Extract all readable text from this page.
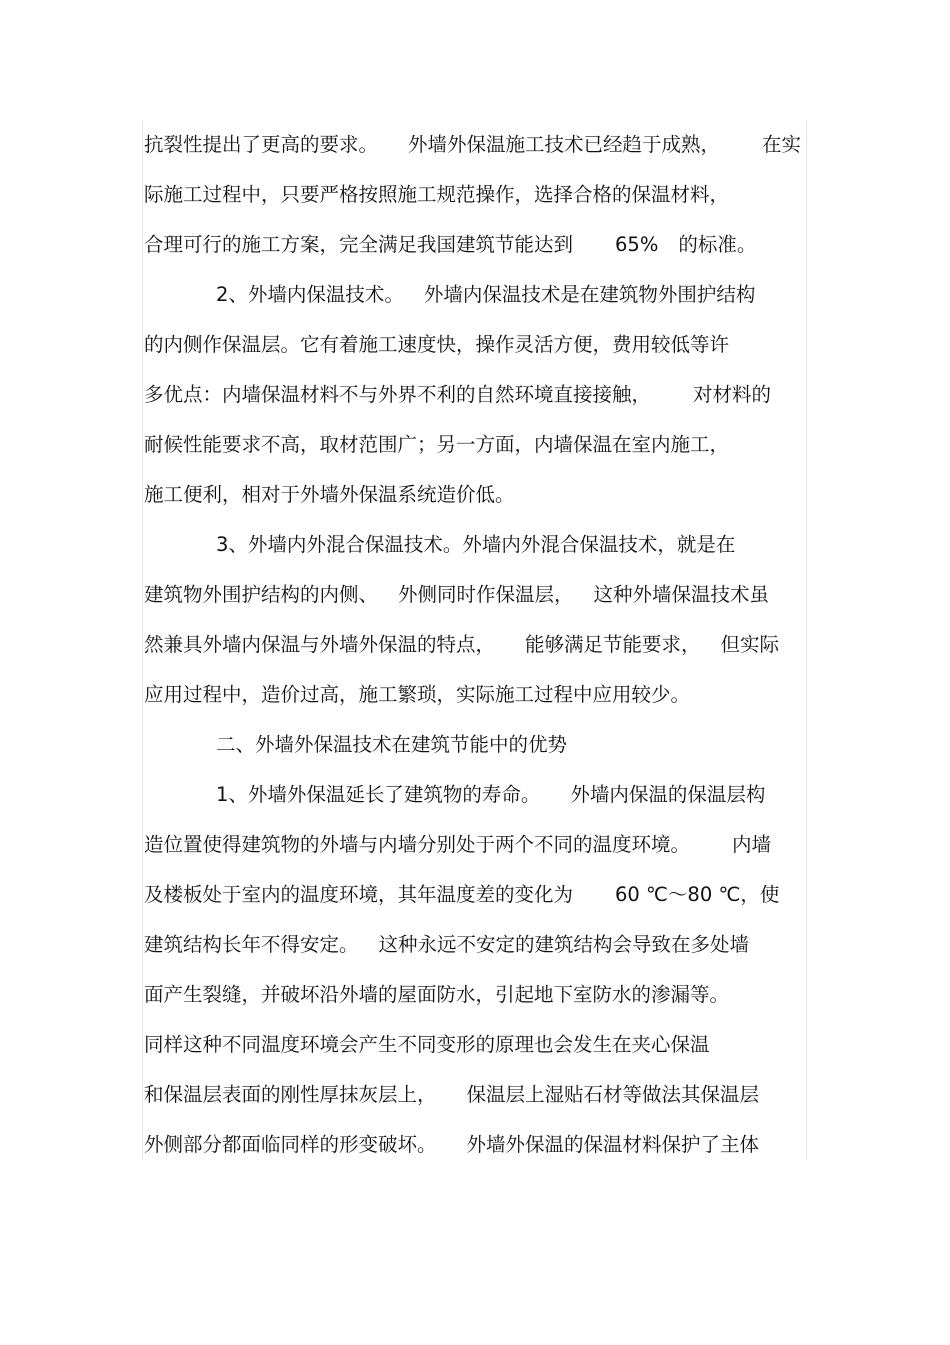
抗裂性提出了更高的要求。 外墙外保温施工技术已经趋于成熟， 在实
际施工过程中，只要严格按照施工规范操作，选择合格的保温材料，
合理可行的施工方案，完全满足我国建筑节能达到 65% 的标准。
2、外墙内保温技术。 外墙内保温技术是在建筑物外围护结构
的内侧作保温层。它有着施工速度快，操作灵活方便，费用较低等许
多优点：内墙保温材料不与外界不利的自然环境直接接触， 对材料的
耐候性能要求不高，取材范围广；另一方面，内墙保温在室内施工，
施工便利，相对于外墙外保温系统造价低。
3、外墙内外混合保温技术。外墙内外混合保温技术，就是在
建筑物外围护结构的内侧、 外侧同时作保温层， 这种外墙保温技术虽
然兼具外墙内保温与外墙外保温的特点， 能够满足节能要求， 但实际
应用过程中，造价过高，施工繁琐，实际施工过程中应用较少。
二、外墙外保温技术在建筑节能中的优势
1、外墙外保温延长了建筑物的寿命。 外墙内保温的保温层构
造位置使得建筑物的外墙与内墙分别处于两个不同的温度环境。 内墙
及楼板处于室内的温度环境，其年温度差的变化为 60 ℃～80 ℃，使
建筑结构长年不得安定。 这种永远不安定的建筑结构会导致在多处墙
面产生裂缝，并破坏沿外墙的屋面防水，引起地下室防水的渗漏等。
同样这种不同温度环境会产生不同变形的原理也会发生在夹心保温
和保温层表面的刚性厚抹灰层上， 保温层上湿贴石材等做法其保温层
外侧部分都面临同样的形变破坏。 外墙外保温的保温材料保护了主体
